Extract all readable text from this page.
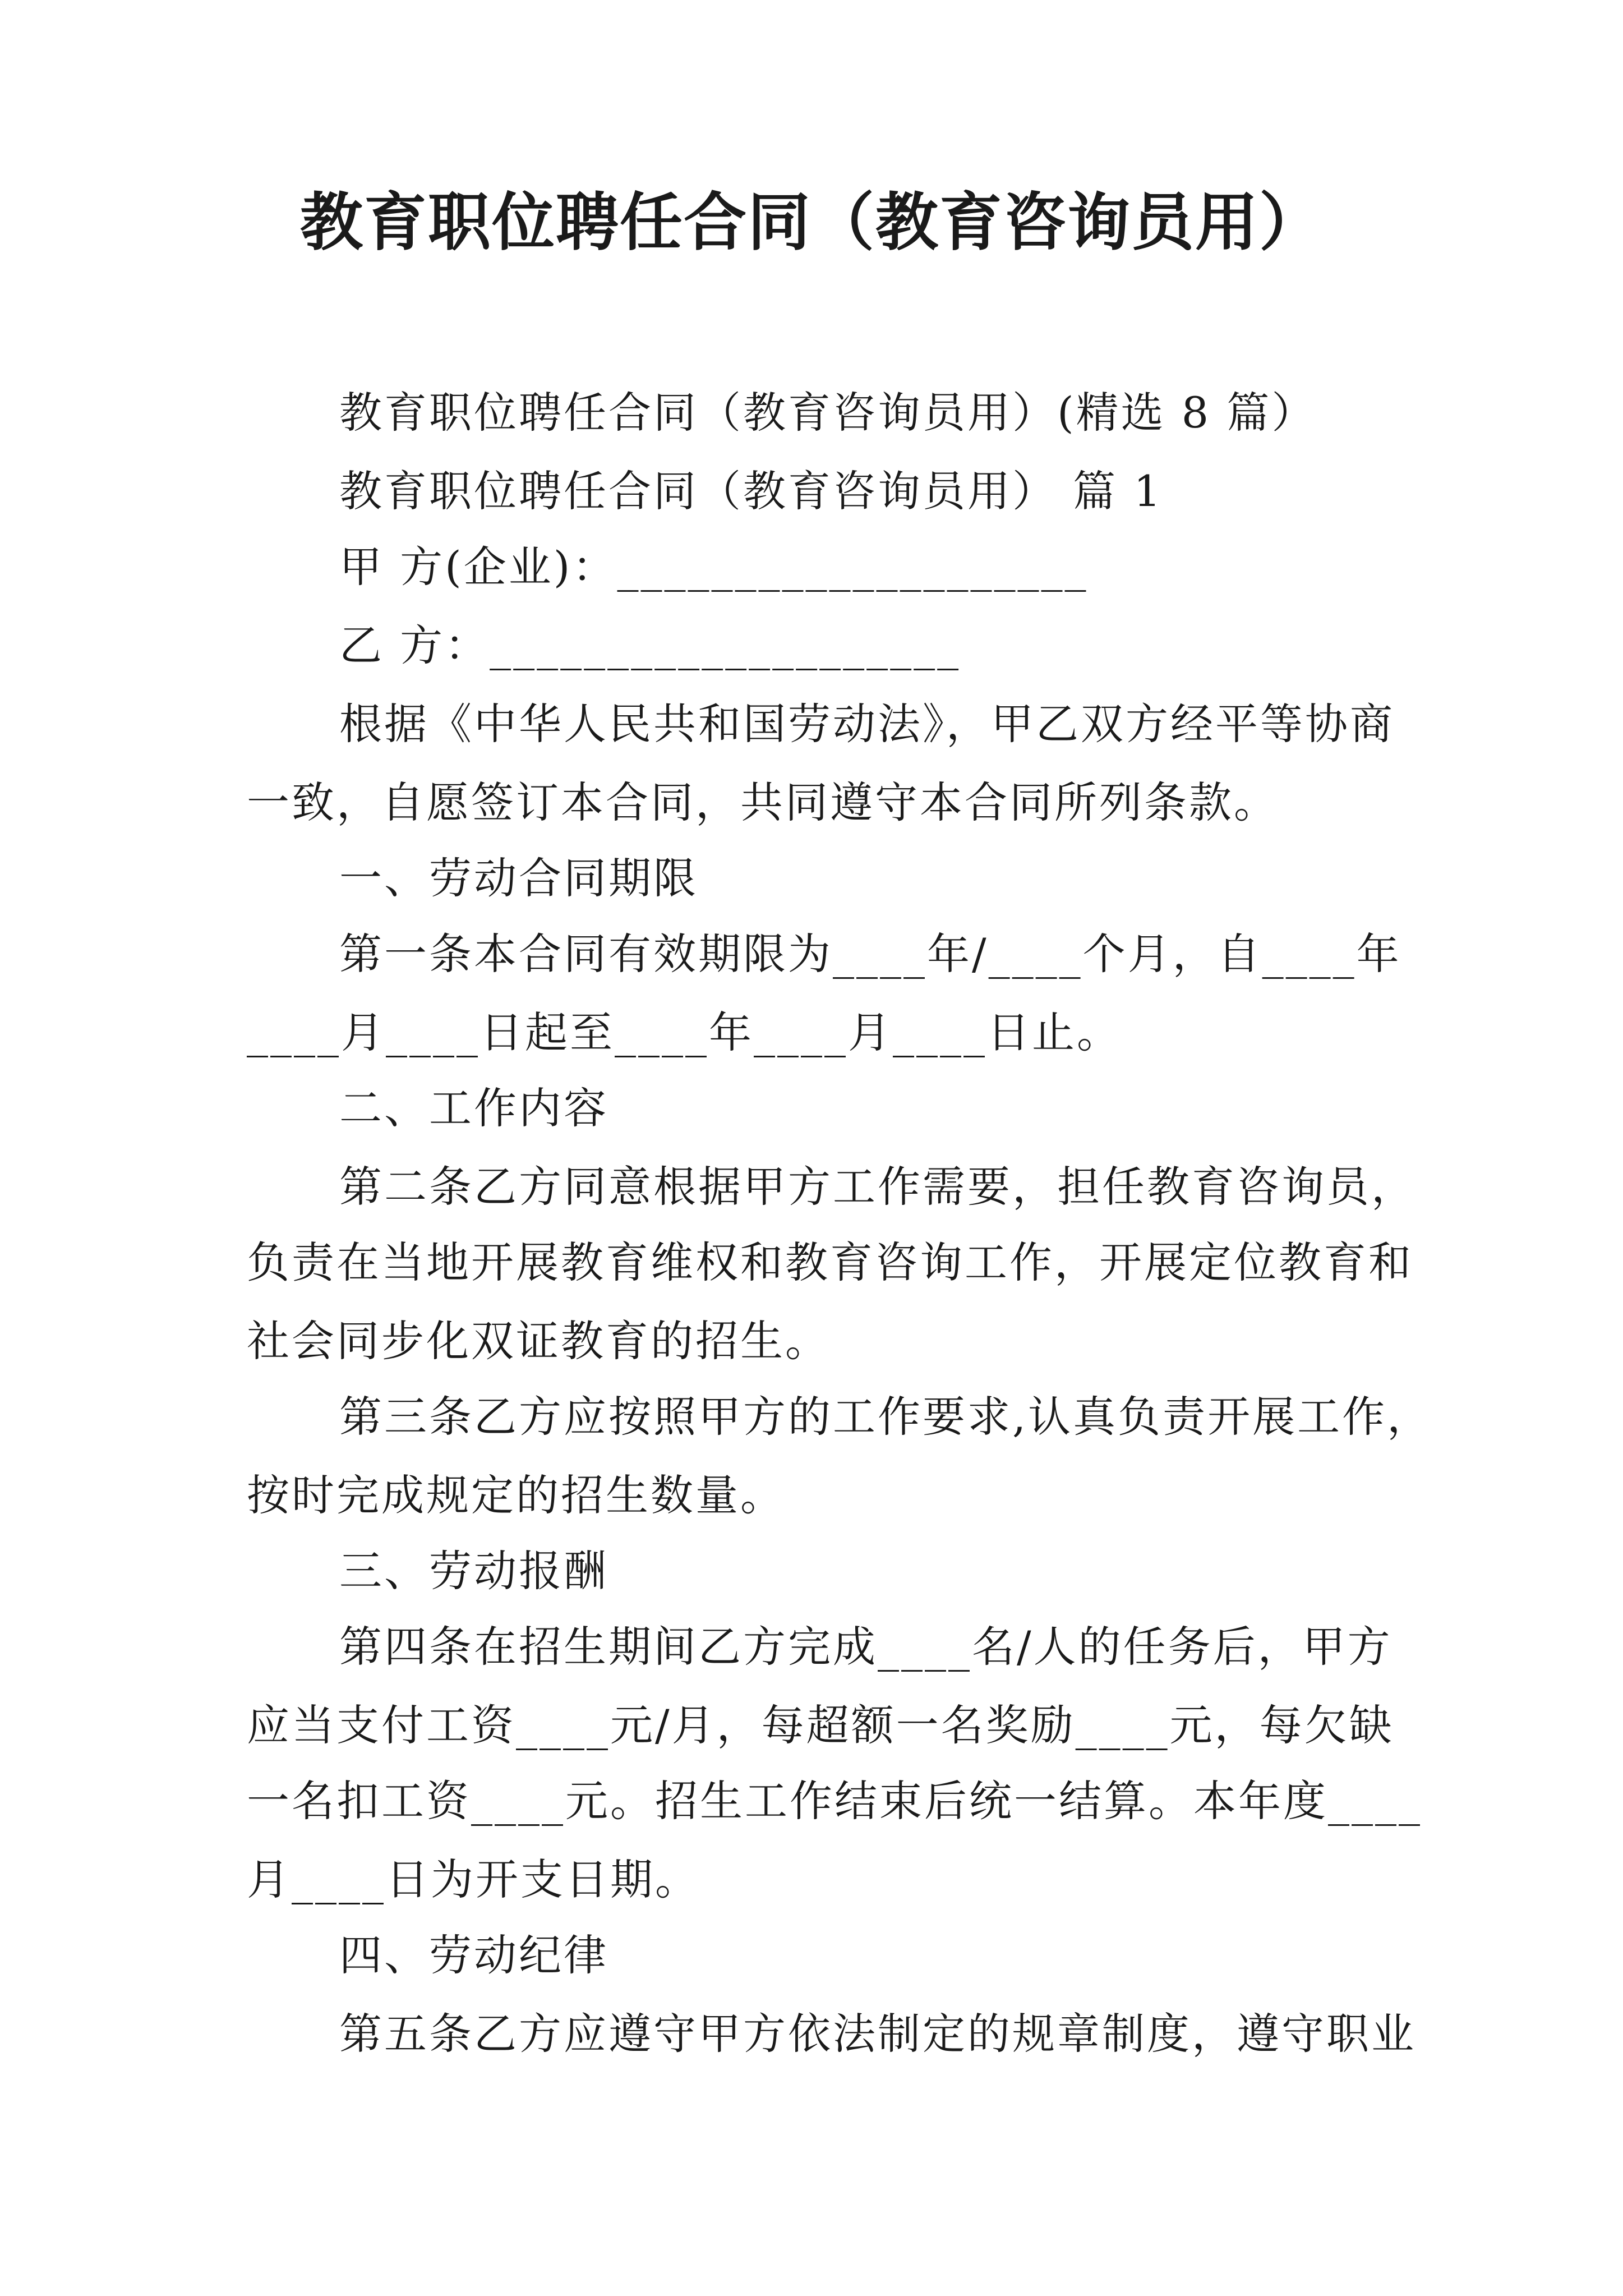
教育职位聘任合同（教育咨询员用）
教育职位聘任合同（教育咨询员用）(精选 8 篇）
教育职位聘任合同（教育咨询员用） 篇 1
甲 方(企业)：____________________
乙 方：____________________
根据《中华人民共和国劳动法》，甲乙双方经平等协商
一致，自愿签订本合同，共同遵守本合同所列条款。
一、劳动合同期限
第一条本合同有效期限为____年/____个月，自____年
____月____日起至____年____月____日止。
二、工作内容
第二条乙方同意根据甲方工作需要，担任教育咨询员，
负责在当地开展教育维权和教育咨询工作，开展定位教育和
社会同步化双证教育的招生。
第三条乙方应按照甲方的工作要求,认真负责开展工作，
按时完成规定的招生数量。
三、劳动报酬
第四条在招生期间乙方完成____名/人的任务后，甲方
应当支付工资____元/月，每超额一名奖励____元，每欠缺
一名扣工资____元。招生工作结束后统一结算。本年度____
月____日为开支日期。
四、劳动纪律
第五条乙方应遵守甲方依法制定的规章制度，遵守职业
